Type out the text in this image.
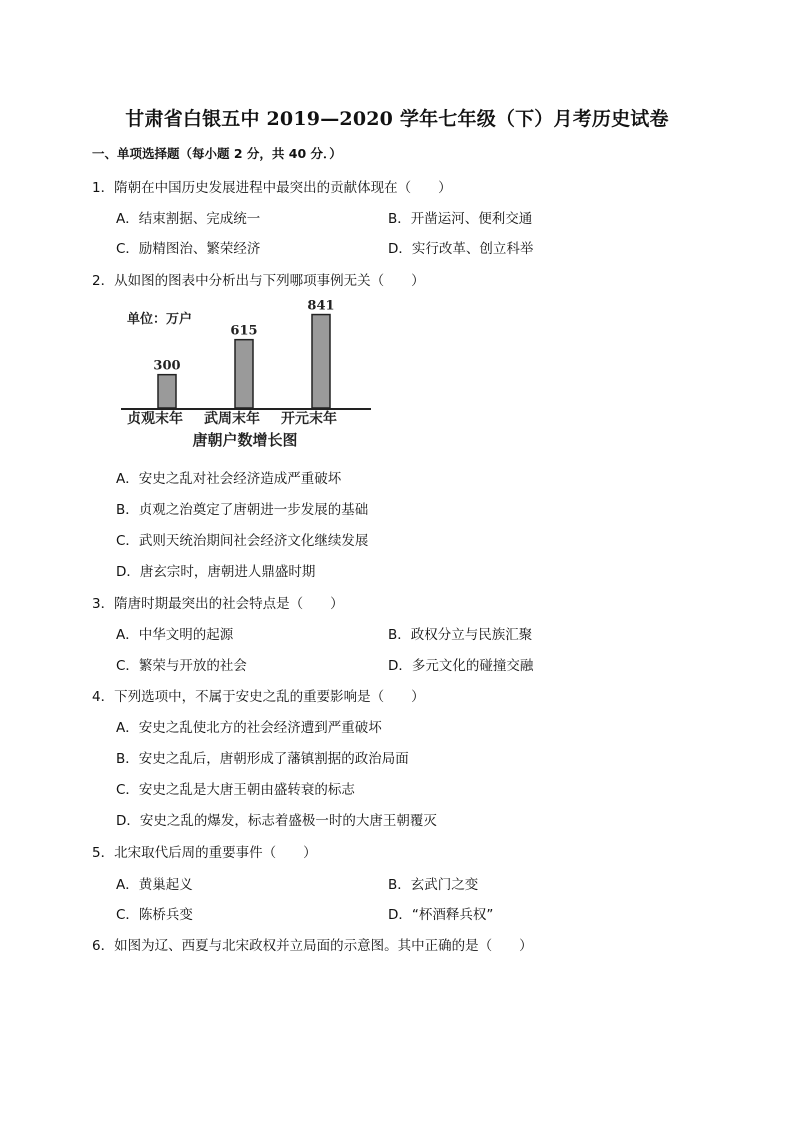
甘肃省白银五中 2019—2020 学年七年级（下）月考历史试卷
一、单项选择题（每小题 2 分，共 40 分．）
1．隋朝在中国历史发展进程中最突出的贡献体现在（　　）
A．结束割据、完成统一	B．开凿运河、便利交通
C．励精图治、繁荣经济	D．实行改革、创立科举
2．从如图的图表中分析出与下列哪项事例无关（　　）
单位：万户
300
贞观末年
615
武周末年
841
开元末年
唐朝户数增长图
A．安史之乱对社会经济造成严重破坏
B．贞观之治奠定了唐朝进一步发展的基础
C．武则天统治期间社会经济文化继续发展
D．唐玄宗时，唐朝进人鼎盛时期
3．隋唐时期最突出的社会特点是（　　）
A．中华文明的起源	B．政权分立与民族汇聚
C．繁荣与开放的社会	D．多元文化的碰撞交融
4．下列选项中，不属于安史之乱的重要影响是（　　）
A．安史之乱使北方的社会经济遭到严重破坏
B．安史之乱后，唐朝形成了藩镇割据的政治局面
C．安史之乱是大唐王朝由盛转衰的标志
D．安史之乱的爆发，标志着盛极一时的大唐王朝覆灭
5．北宋取代后周的重要事件（　　）
A．黄巢起义	B．玄武门之变
C．陈桥兵变	D．“杯酒释兵权”
6．如图为辽、西夏与北宋政权并立局面的示意图。其中正确的是（　　）
